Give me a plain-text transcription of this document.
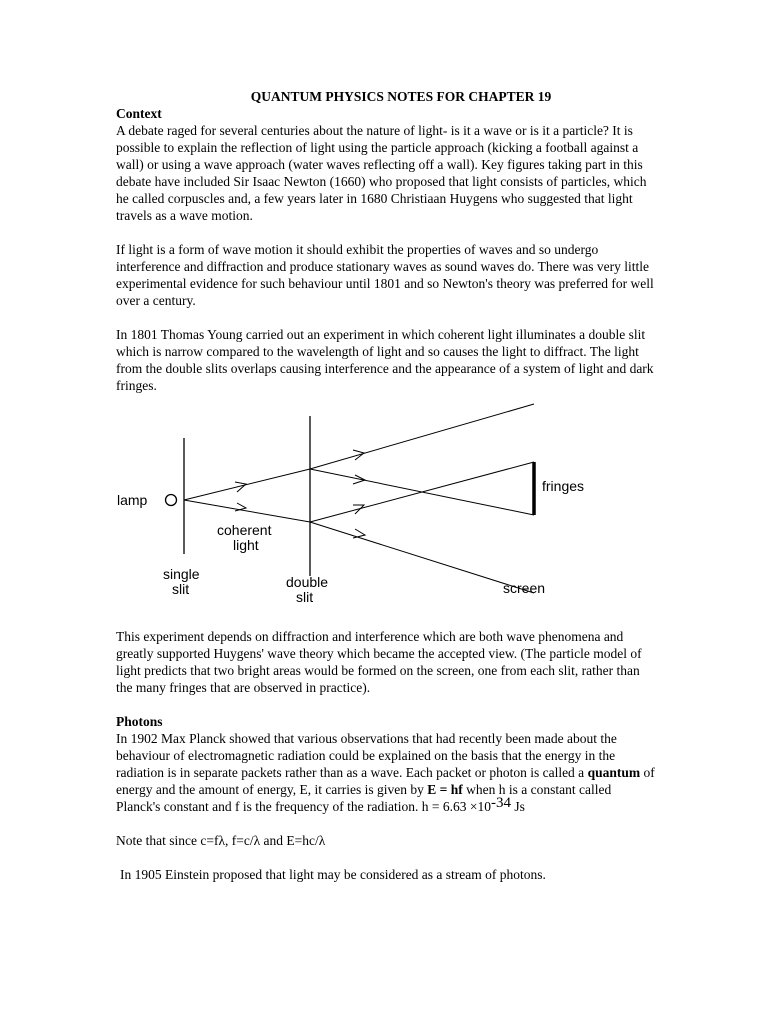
QUANTUM PHYSICS NOTES FOR CHAPTER 19

Context

A debate raged for several centuries about the nature of light- is it a wave or is it a particle? It is possible to explain the reflection of light using the particle approach (kicking a football against a wall) or using a wave approach (water waves reflecting off a wall). Key figures taking part in this debate have included Sir Isaac Newton (1660) who proposed that light consists of particles, which he called corpuscles and, a few years later in 1680 Christiaan Huygens who suggested that light travels as a wave motion.

If light is a form of wave motion it should exhibit the properties of waves and so undergo interference and diffraction and produce stationary waves as sound waves do. There was very little experimental evidence for such behaviour until 1801 and so Newton's theory was preferred for well over a century.

In 1801 Thomas Young carried out an experiment in which coherent light illuminates a double slit which is narrow compared to the wavelength of light and so causes the light to diffract. The light from the double slits overlaps causing interference and the appearance of a system of light and dark fringes.

lamp
coherent
light
single
slit	double
slit
screen
fringes

This experiment depends on diffraction and interference which are both wave phenomena and greatly supported Huygens' wave theory which became the accepted view. (The particle model of light predicts that two bright areas would be formed on the screen, one from each slit, rather than the many fringes that are observed in practice).

Photons

In 1902 Max Planck showed that various observations that had recently been made about the behaviour of electromagnetic radiation could be explained on the basis that the energy in the radiation is in separate packets rather than as a wave. Each packet or photon is called a quantum of energy and the amount of energy, E, it carries is given by E = hf when h is a constant called Planck's constant and f is the frequency of the radiation. $h = 6.63 \times 10^{-34}$ Js

Note that since c=fλ, f=c/λ and E=hc/λ

In 1905 Einstein proposed that light may be considered as a stream of photons.
